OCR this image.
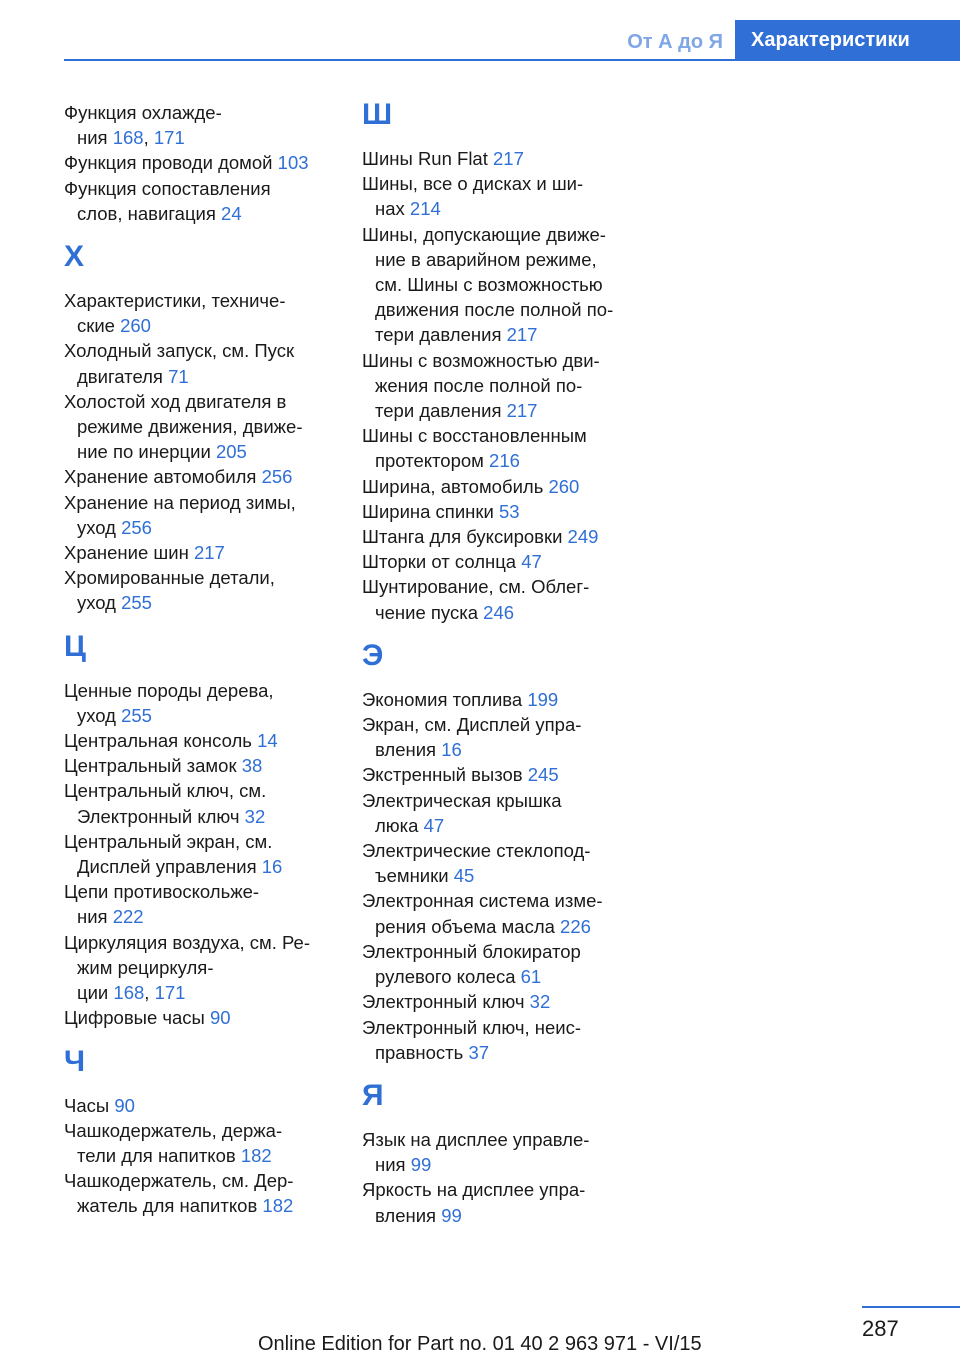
От А до Я Характеристики
Функция охлажде-
ния 168, 171
Функция проводи домой 103
Функция сопоставления
слов, навигация 24
Х
Характеристики, техниче-
ские 260
Холодный запуск, см. Пуск
двигателя 71
Холостой ход двигателя в
режиме движения, движе-
ние по инерции 205
Хранение автомобиля 256
Хранение на период зимы,
уход 256
Хранение шин 217
Хромированные детали,
уход 255
Ц
Ценные породы дерева,
уход 255
Центральная консоль 14
Центральный замок 38
Центральный ключ, см.
Электронный ключ 32
Центральный экран, см.
Дисплей управления 16
Цепи противоскольже-
ния 222
Циркуляция воздуха, см. Ре-
жим рециркуля-
ции 168, 171
Цифровые часы 90
Ч
Часы 90
Чашкодержатель, держа-
тели для напитков 182
Чашкодержатель, см. Дер-
жатель для напитков 182
Ш
Шины Run Flat 217
Шины, все о дисках и ши-
нах 214
Шины, допускающие движе-
ние в аварийном режиме,
см. Шины с возможностью
движения после полной по-
тери давления 217
Шины с возможностью дви-
жения после полной по-
тери давления 217
Шины с восстановленным
протектором 216
Ширина, автомобиль 260
Ширина спинки 53
Штанга для буксировки 249
Шторки от солнца 47
Шунтирование, см. Облег-
чение пуска 246
Э
Экономия топлива 199
Экран, см. Дисплей упра-
вления 16
Экстренный вызов 245
Электрическая крышка
люка 47
Электрические стеклопод-
ъемники 45
Электронная система изме-
рения объема масла 226
Электронный блокиратор
рулевого колеса 61
Электронный ключ 32
Электронный ключ, неис-
правность 37
Я
Язык на дисплее управле-
ния 99
Яркость на дисплее упра-
вления 99
287
Online Edition for Part no. 01 40 2 963 971 - VI/15
